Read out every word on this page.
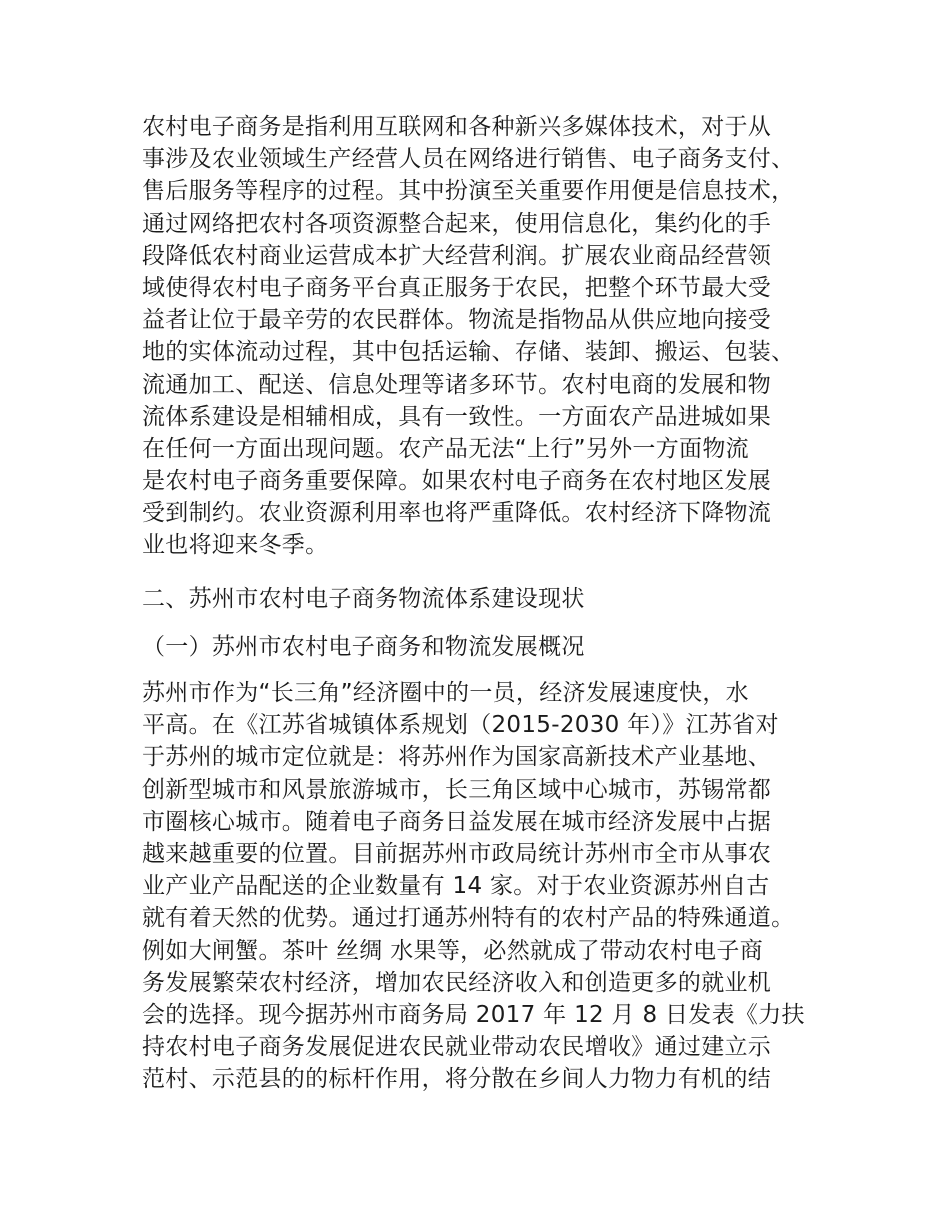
农村电子商务是指利用互联网和各种新兴多媒体技术，对于从
事涉及农业领域生产经营人员在网络进行销售、电子商务支付、
售后服务等程序的过程。其中扮演至关重要作用便是信息技术，
通过网络把农村各项资源整合起来，使用信息化，集约化的手
段降低农村商业运营成本扩大经营利润。扩展农业商品经营领
域使得农村电子商务平台真正服务于农民，把整个环节最大受
益者让位于最辛劳的农民群体。物流是指物品从供应地向接受
地的实体流动过程，其中包括运输、存储、装卸、搬运、包装、
流通加工、配送、信息处理等诸多环节。农村电商的发展和物
流体系建设是相辅相成，具有一致性。一方面农产品进城如果
在任何一方面出现问题。农产品无法“上行”另外一方面物流
是农村电子商务重要保障。如果农村电子商务在农村地区发展
受到制约。农业资源利用率也将严重降低。农村经济下降物流
业也将迎来冬季。
二、苏州市农村电子商务物流体系建设现状
（一）苏州市农村电子商务和物流发展概况
苏州市作为“长三角”经济圈中的一员，经济发展速度快，水
平高。在《江苏省城镇体系规划（2015-2030 年）》江苏省对
于苏州的城市定位就是：将苏州作为国家高新技术产业基地、
创新型城市和风景旅游城市，长三角区域中心城市，苏锡常都
市圈核心城市。随着电子商务日益发展在城市经济发展中占据
越来越重要的位置。目前据苏州市政局统计苏州市全市从事农
业产业产品配送的企业数量有 14 家。对于农业资源苏州自古
就有着天然的优势。通过打通苏州特有的农村产品的特殊通道。
例如大闸蟹。茶叶 丝绸 水果等，必然就成了带动农村电子商
务发展繁荣农村经济，增加农民经济收入和创造更多的就业机
会的选择。现今据苏州市商务局 2017 年 12 月 8 日发表《力扶
持农村电子商务发展促进农民就业带动农民增收》通过建立示
范村、示范县的的标杆作用，将分散在乡间人力物力有机的结
